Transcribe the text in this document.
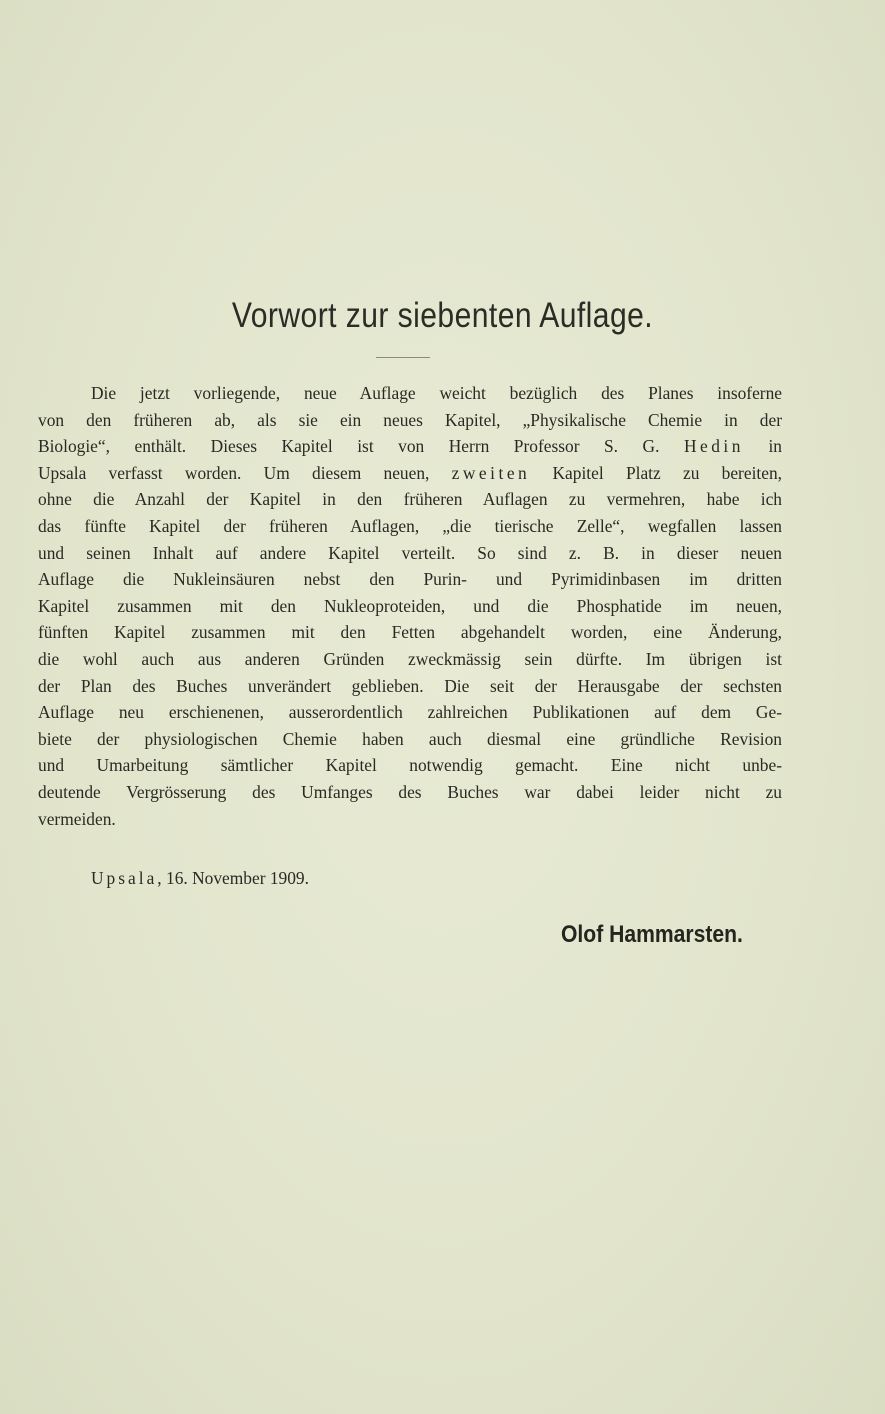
Vorwort zur siebenten Auflage.
Die jetzt vorliegende, neue Auflage weicht bezüglich des Planes insoferne
von den früheren ab, als sie ein neues Kapitel, „Physikalische Chemie in der
Biologie“, enthält. Dieses Kapitel ist von Herrn Professor S. G. Hedin in
Upsala verfasst worden. Um diesem neuen, zweiten Kapitel Platz zu bereiten,
ohne die Anzahl der Kapitel in den früheren Auflagen zu vermehren, habe ich
das fünfte Kapitel der früheren Auflagen, „die tierische Zelle“, wegfallen lassen
und seinen Inhalt auf andere Kapitel verteilt. So sind z. B. in dieser neuen
Auflage die Nukleinsäuren nebst den Purin- und Pyrimidinbasen im dritten
Kapitel zusammen mit den Nukleoproteiden, und die Phosphatide im neuen,
fünften Kapitel zusammen mit den Fetten abgehandelt worden, eine Änderung,
die wohl auch aus anderen Gründen zweckmässig sein dürfte. Im übrigen ist
der Plan des Buches unverändert geblieben. Die seit der Herausgabe der sechsten
Auflage neu erschienenen, ausserordentlich zahlreichen Publikationen auf dem Ge-
biete der physiologischen Chemie haben auch diesmal eine gründliche Revision
und Umarbeitung sämtlicher Kapitel notwendig gemacht. Eine nicht unbe-
deutende Vergrösserung des Umfanges des Buches war dabei leider nicht zu
vermeiden.

Upsala, 16. November 1909.

Olof Hammarsten.
